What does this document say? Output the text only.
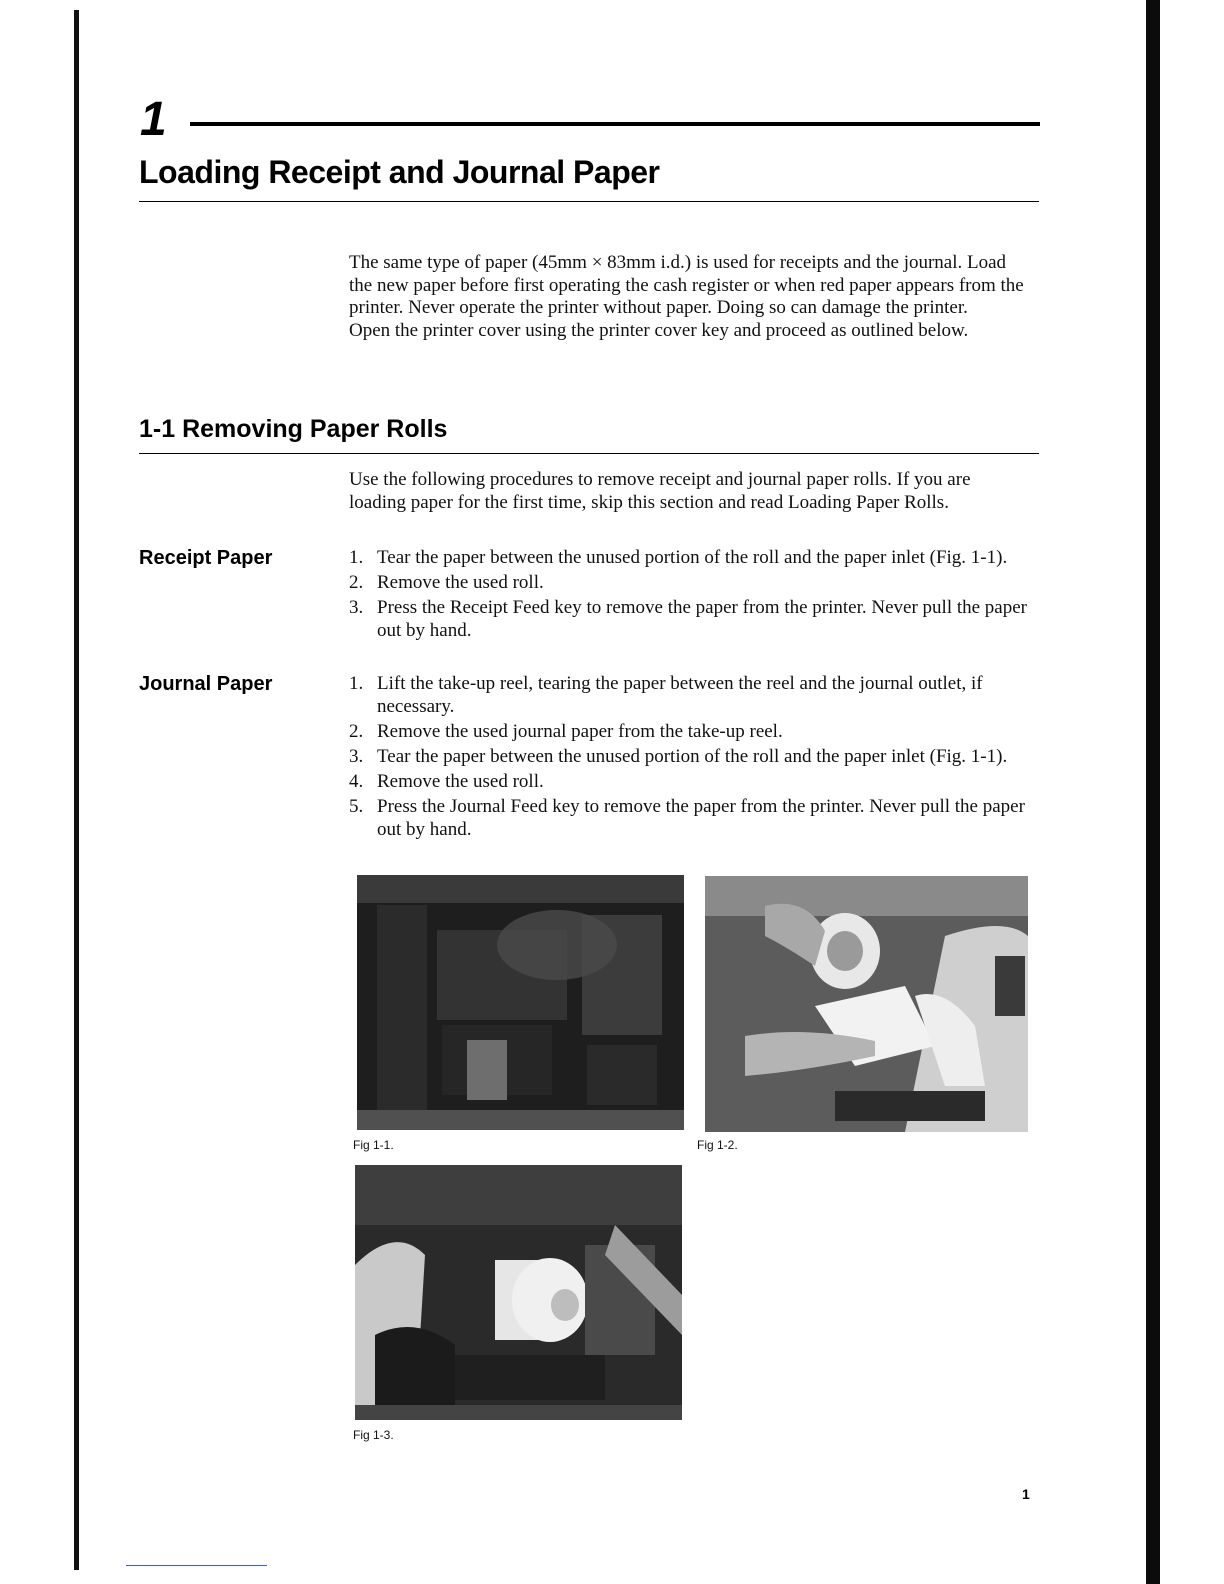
1
Loading Receipt and Journal Paper

The same type of paper (45mm × 83mm i.d.) is used for receipts and the journal. Load the new paper before first operating the cash register or when red paper appears from the printer. Never operate the printer without paper. Doing so can damage the printer.

Open the printer cover using the printer cover key and proceed as outlined below.

1-1 Removing Paper Rolls

Use the following procedures to remove receipt and journal paper rolls. If you are loading paper for the first time, skip this section and read Loading Paper Rolls.

Receipt Paper	1. Tear the paper between the unused portion of the roll and the paper inlet (Fig. 1-1).
2. Remove the used roll.
3. Press the Receipt Feed key to remove the paper from the printer. Never pull the paper out by hand.
Journal Paper	1. Lift the take-up reel, tearing the paper between the reel and the journal outlet, if necessary.
2. Remove the used journal paper from the take-up reel.
3. Tear the paper between the unused portion of the roll and the paper inlet (Fig. 1-1).
4. Remove the used roll.
5. Press the Journal Feed key to remove the paper from the printer. Never pull the paper out by hand.
Fig 1-1.	Fig 1-2.
Fig 1-3.
1
